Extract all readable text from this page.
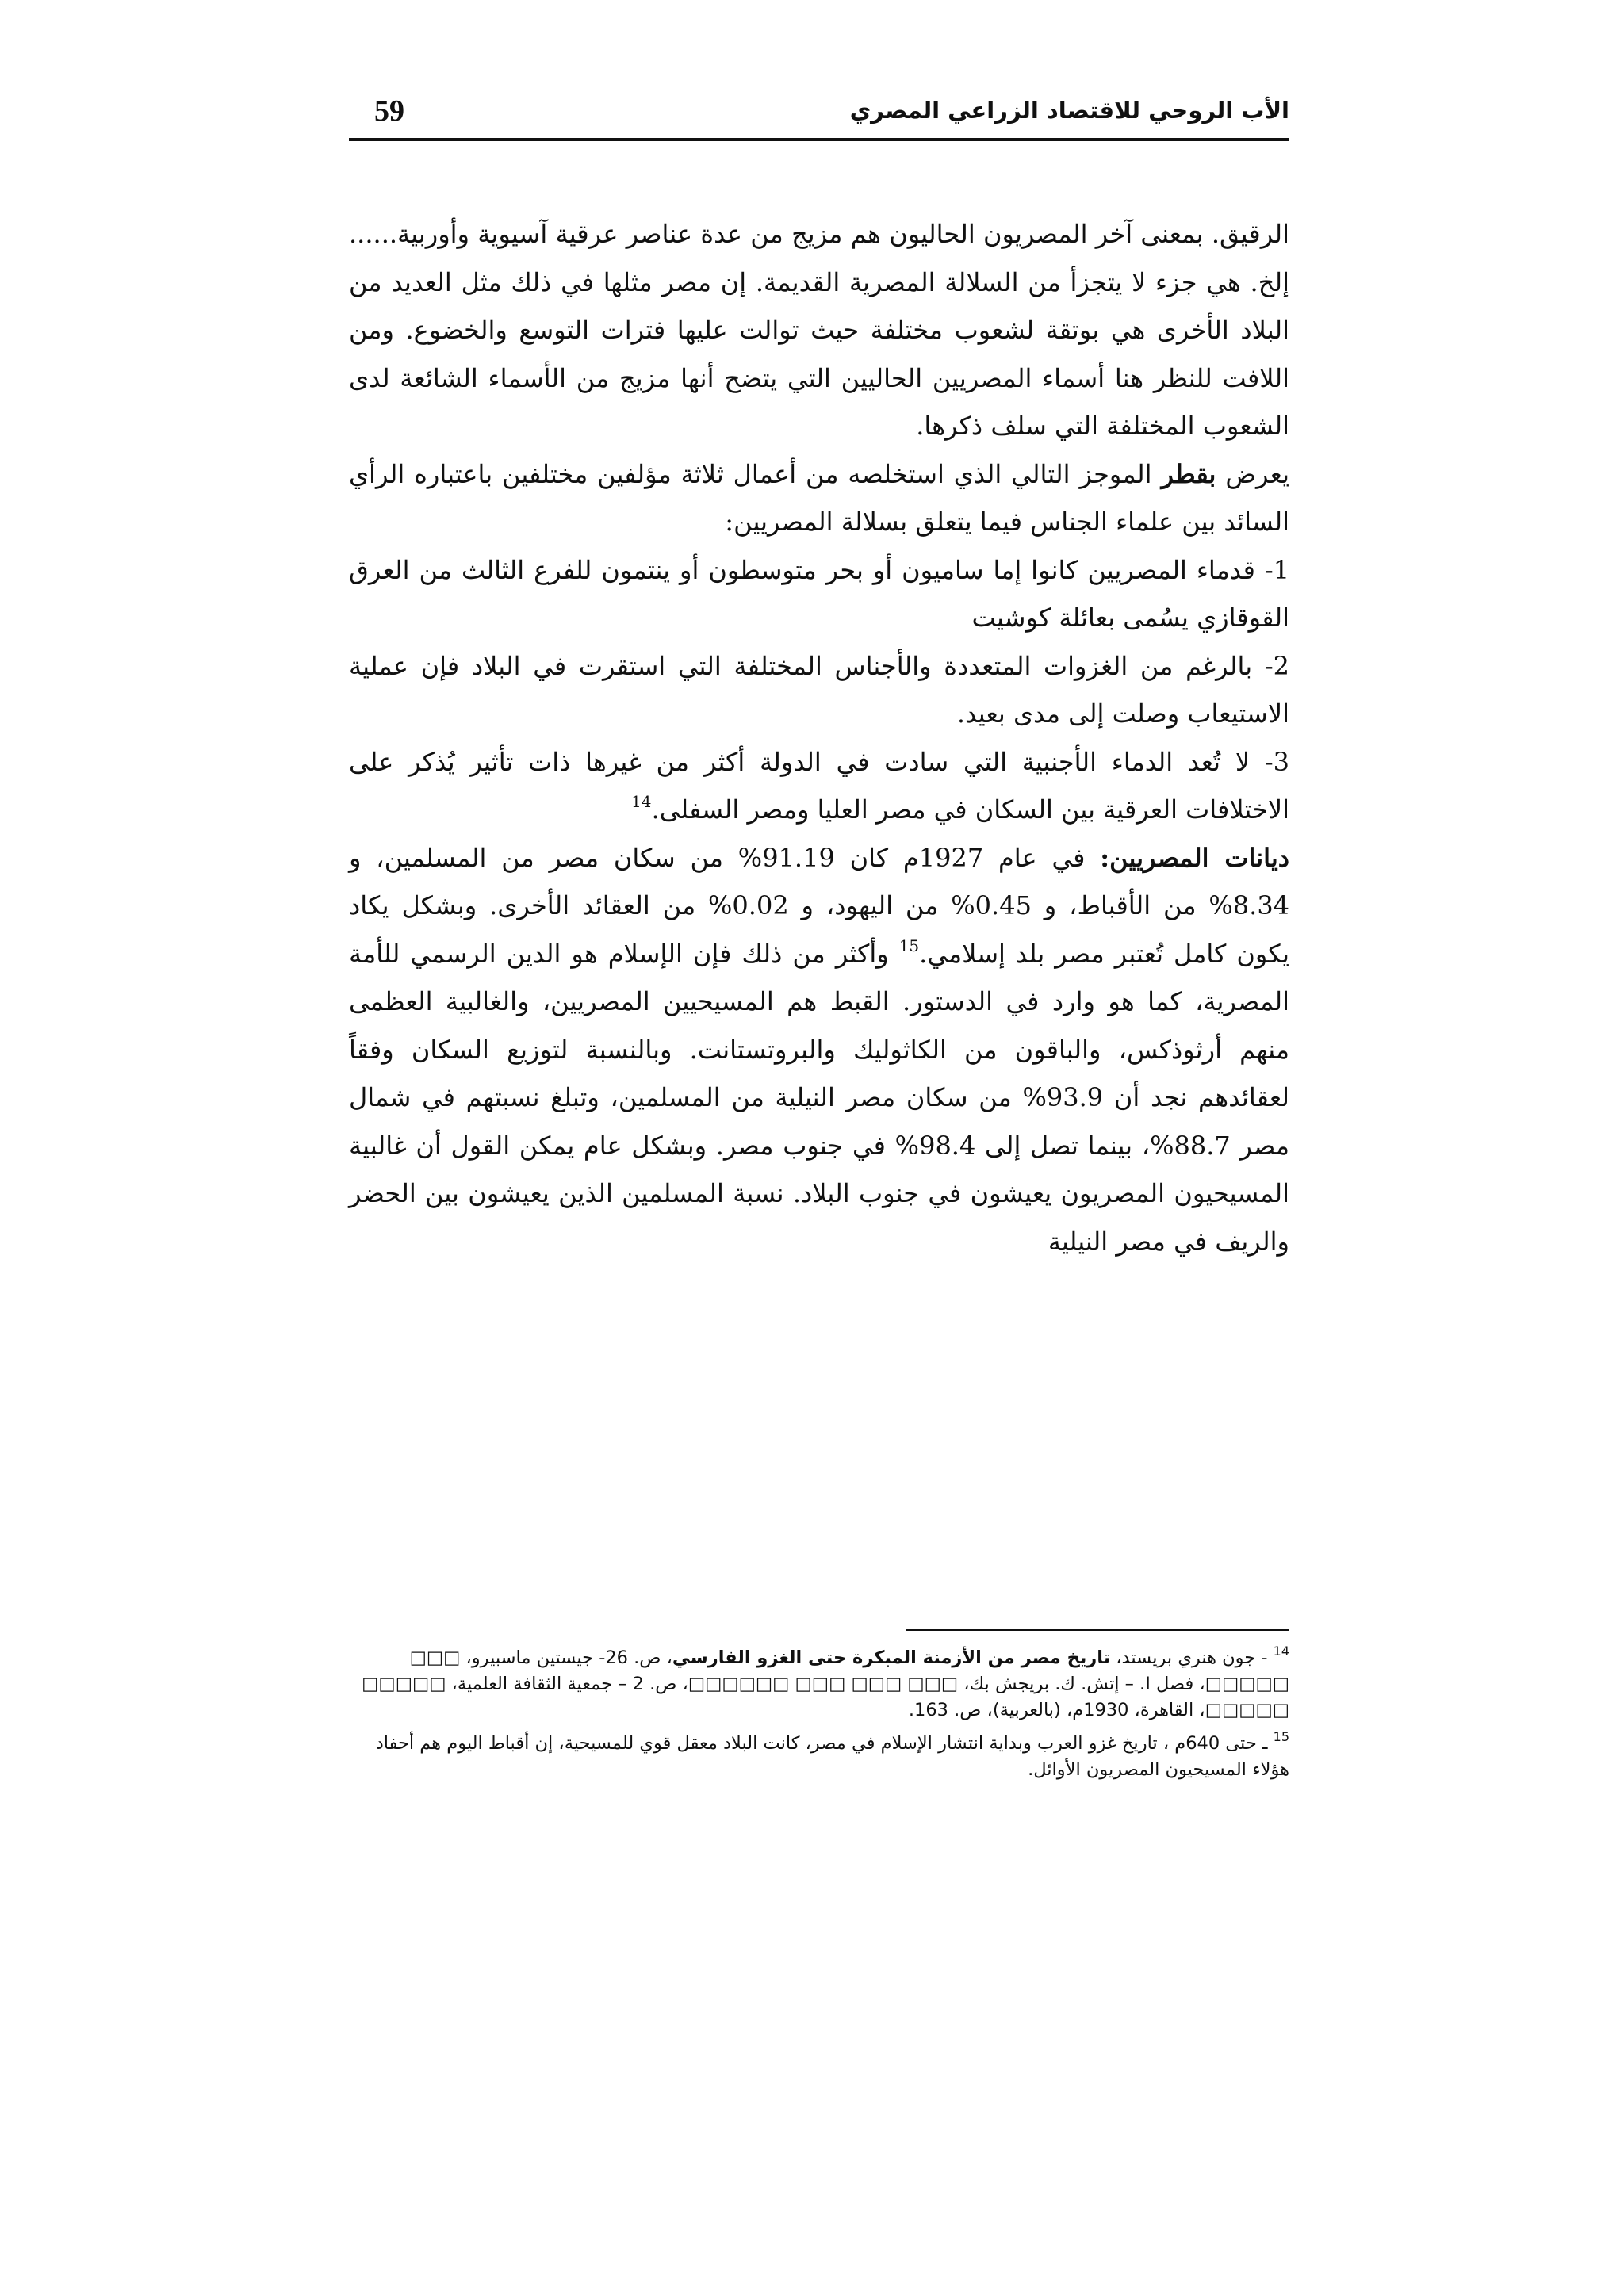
الأب الروحي للاقتصاد الزراعي المصري
59

الرقيق. بمعنى آخر المصريون الحاليون هم مزيج من عدة عناصر عرقية آسيوية وأوربية...... إلخ. هي جزء لا يتجزأ من السلالة المصرية القديمة. إن مصر مثلها في ذلك مثل العديد من البلاد الأخرى هي بوتقة لشعوب مختلفة حيث توالت عليها فترات التوسع والخضوع. ومن اللافت للنظر هنا أسماء المصريين الحاليين التي يتضح أنها مزيج من الأسماء الشائعة لدى الشعوب المختلفة التي سلف ذكرها.

يعرض بقطر الموجز التالي الذي استخلصه من أعمال ثلاثة مؤلفين مختلفين باعتباره الرأي السائد بين علماء الجناس فيما يتعلق بسلالة المصريين:

1- قدماء المصريين كانوا إما ساميون أو بحر متوسطون أو ينتمون للفرع الثالث من العرق القوقازي يسُمى بعائلة كوشيت

2- بالرغم من الغزوات المتعددة والأجناس المختلفة التي استقرت في البلاد فإن عملية الاستيعاب وصلت إلى مدى بعيد.

3- لا تُعد الدماء الأجنبية التي سادت في الدولة أكثر من غيرها ذات تأثير يُذكر على الاختلافات العرقية بين السكان في مصر العليا ومصر السفلى.$^{14}$

ديانات المصريين: في عام 1927م كان 91.19% من سكان مصر من المسلمين، و 8.34% من الأقباط، و 0.45% من اليهود، و 0.02% من العقائد الأخرى. وبشكل يكاد يكون كامل تُعتبر مصر بلد إسلامي.$^{15}$ وأكثر من ذلك فإن الإسلام هو الدين الرسمي للأمة المصرية، كما هو وارد في الدستور. القبط هم المسيحيين المصريين، والغالبية العظمى منهم أرثوذكس، والباقون من الكاثوليك والبروتستانت. وبالنسبة لتوزيع السكان وفقاً لعقائدهم نجد أن 93.9% من سكان مصر النيلية من المسلمين، وتبلغ نسبتهم في شمال مصر 88.7%، بينما تصل إلى 98.4% في جنوب مصر. وبشكل عام يمكن القول أن غالبية المسيحيون المصريون يعيشون في جنوب البلاد. نسبة المسلمين الذين يعيشون بين الحضر والريف في مصر النيلية

$^{14}$ - جون هنري بريستد، تاريخ مصر من الأزمنة المبكرة حتى الغزو الفارسي، ص. 26- جيستين ماسبيرو، □□□ □□□□□، فصل I. – إتش. ك. بريجش بك، □□□ □□□ □□□ □□□□□□، ص. 2 – جمعية الثقافة العلمية، □□□□□ □□□□□، القاهرة، 1930م، (بالعربية)، ص. 163.

$^{15}$ ـ حتى 640م ، تاريخ غزو العرب وبداية انتشار الإسلام في مصر، كانت البلاد معقل قوي للمسيحية، إن أقباط اليوم هم أحفاد هؤلاء المسيحيون المصريون الأوائل.
